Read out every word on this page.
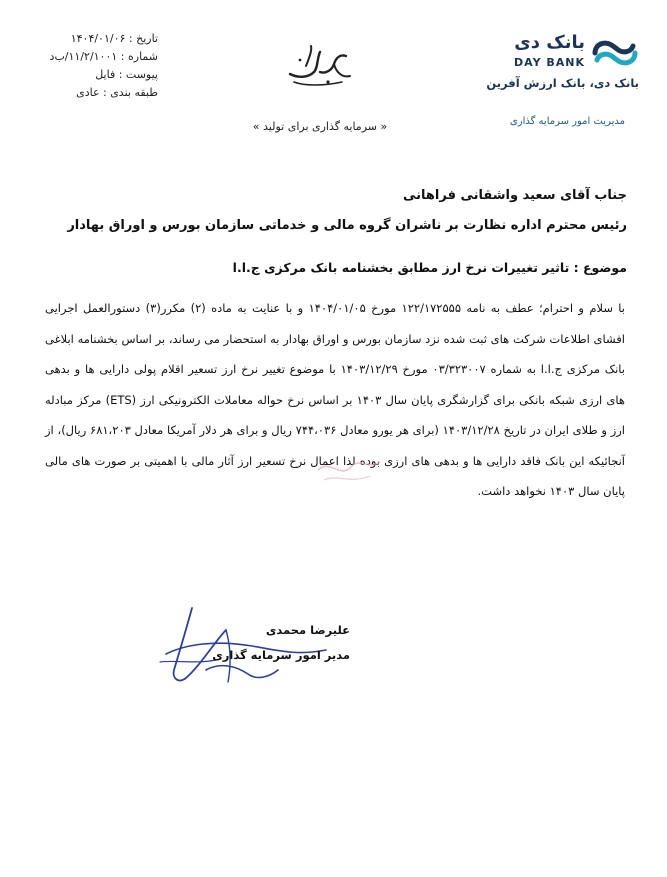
تاریخ : ۱۴۰۴/۰۱/۰۶
شماره : ۱۱/۲/۱۰۰۱/ب‌د
پیوست : فایل
طبقه بندی : عادی
بانک دی
DAY BANK
بانک دی، بانک ارزش آفرین
مدیریت امور سرمایه گذاری
« سرمایه گذاری برای تولید »
جناب آقای سعید واشقانی فراهانی
رئیس محترم اداره نظارت بر ناشران گروه مالی و خدماتی سازمان بورس و اوراق بهادار
موضوع : تاثیر تغییرات نرخ ارز مطابق بخشنامه بانک مرکزی ج.ا.ا
با سلام و احترام؛ عطف به نامه ۱۲۲/۱۷۲۵۵۵ مورخ ۱۴۰۴/۰۱/۰۵ و با عنایت به ماده (۲) مکرر(۳) دستورالعمل اجرایی افشای اطلاعات شرکت های ثبت شده نزد سازمان بورس و اوراق بهادار به استحضار می رساند، بر اساس بخشنامه ابلاغی بانک مرکزی ج.ا.ا به شماره ۰۳/۳۲۳۰۰۷ مورخ ۱۴۰۳/۱۲/۲۹ با موضوع تغییر نرخ ارز تسعیر اقلام پولی دارایی ها و بدهی های ارزی شبکه بانکی برای گزارشگری پایان سال ۱۴۰۳ بر اساس نرخ حواله معاملات الکترونیکی ارز (ETS) مرکز مبادله ارز و طلای ایران در تاریخ ۱۴۰۳/۱۲/۲۸ (برای هر یورو معادل ۷۴۴،۰۳۶ ریال و برای هر دلار آمریکا معادل ۶۸۱،۲۰۳ ریال)، از آنجائیکه این بانک فاقد دارایی ها و بدهی های ارزی بوده لذا اعمال نرخ تسعیر ارز آثار مالی با اهمیتی بر صورت های مالی پایان سال ۱۴۰۳ نخواهد داشت.
علیرضا محمدی
مدیر امور سرمایه گذاری
